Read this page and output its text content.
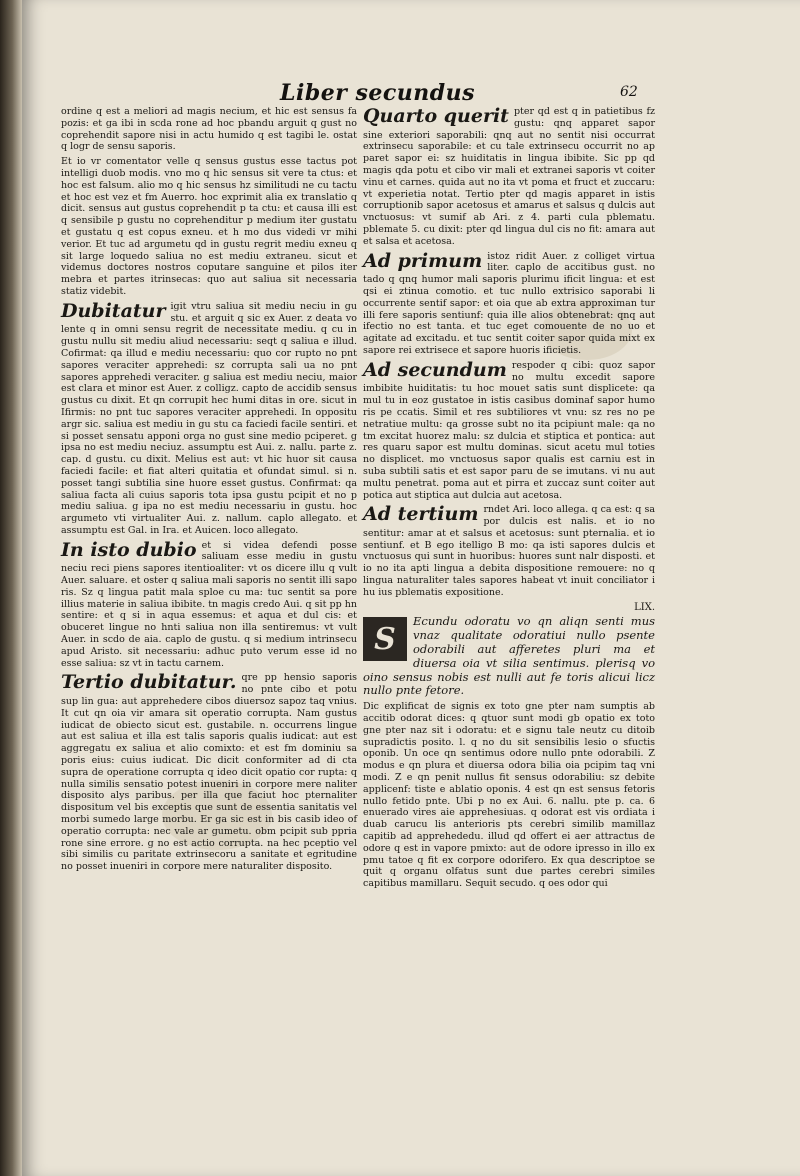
Liber secundus	62
ordine q est a meliori ad magis necium, et hic est sensus fa pozis: et ga ibi in scda rone ad hoc pbandu arguit q gust no coprehendit sapore nisi in actu humido q est tagibi le. ostat q logr de sensu saporis.
Et io vr comentator velle q sensus gustus esse tactus pot intelligi duob modis. vno mo q hic sensus sit vere ta ctus: et hoc est falsum. alio mo q hic sensus hz similitudi ne cu tactu et hoc est vez et fm Auerro. hoc exprimit alia ex translatio q dicit. sensus aut gustus coprehendit p ta ctu: et causa illi est q sensibile p gustu no coprehenditur p medium iter gustatu et gustatu q est copus exneu. et h mo dus videdi vr mihi verior. Et tuc ad argumetu qd in gustu regrit mediu exneu q sit large loquedo saliua no est mediu extraneu. sicut et videmus doctores nostros coputare sanguine et pilos iter mebra et partes itrinsecas: quo aut saliua sit necessaria statiz videbit.
Dubitatur igit vtru saliua sit mediu neciu in gu stu. et arguit q sic ex Auer. z deata vo lente q in omni sensu regrit de necessitate mediu. q cu in gustu nullu sit mediu aliud necessariu: seqt q saliua e illud. Cofirmat: qa illud e mediu necessariu: quo cor rupto no pnt sapores veraciter apprehedi: sz corrupta sali ua no pnt sapores apprehedi veraciter. g saliua est mediu neciu, maior est clara et minor est Auer. z colligz. capto de accidib sensus gustus cu dixit. Et qn corrupit hec humi ditas in ore. sicut in Ifirmis: no pnt tuc sapores veraciter apprehedi. In oppositu argr sic. saliua est mediu in gu stu ca faciedi facile sentiri. et si posset sensatu apponi orga no gust sine medio pciperet. g ipsa no est mediu neciuz. assumptu est Aui. z. nallu. parte z. cap. d gustu. cu dixit. Melius est aut: vt hic huor sit causa faciedi facile: et fiat alteri quitatia et ofundat simul. si n. posset tangi subtilia sine huore esset gustus. Confirmat: qa saliua facta ali cuius saporis tota ipsa gustu pcipit et no p mediu saliua. g ipa no est mediu necessariu in gustu. hoc argumeto vti virtualiter Aui. z. nallum. caplo allegato. et assumptu est Gal. in Ira. et Auicen. loco allegato.
In isto dubio et si videa defendi posse saliuam esse mediu in gustu neciu reci piens sapores itentioaliter: vt os dicere illu q vult Auer. saluare. et oster q saliua mali saporis no sentit illi sapo ris. Sz q lingua patit mala sploe cu ma: tuc sentit sa pore illius materie in saliua ibibite. tn magis credo Aui. q sit pp hn sentire: et q si in aqua essemus: et aqua et dul cis: et obuceret lingue no hnti saliua non illa sentiremus: vt vult Auer. in scdo de aia. caplo de gustu. q si medium intrinsecu apud Aristo. sit necessariu: adhuc puto verum esse id no esse saliua: sz vt in tactu carnem.
Tertio dubitatur. qre pp hensio saporis no pnte cibo et potu sup lin gua: aut apprehedere cibos diuersoz sapoz taq vnius. It cut qn oia vir amara sit operatio corrupta. Nam gustus iudicat de obiecto sicut est. gustabile. n. occurrens lingue aut est saliua et illa est talis saporis qualis iudicat: aut est aggregatu ex saliua et alio comixto: et est fm dominiu sa poris eius: cuius iudicat. Dic dicit conformiter ad di cta supra de operatione corrupta q ideo dicit opatio cor rupta: q nulla similis sensatio potest inueniri in corpore mere naliter disposito alys paribus. per illa que faciut hoc pternaliter dispositum vel bis exceptis que sunt de essentia sanitatis vel morbi sumedo large morbu. Er ga sic est in bis casib ideo of operatio corrupta: nec vale ar gumetu. obm pcipit sub ppria rone sine errore. g no est actio corrupta. na hec pceptio vel sibi similis cu paritate extrinsecoru a sanitate et egritudine no posset inueniri in corpore mere naturaliter disposito.
Quarto querit pter qd est q in patietibus fz gustu: qnq apparet sapor sine exteriori saporabili: qnq aut no sentit nisi occurrat extrinsecu saporabile: et cu tale extrinsecu occurrit no ap paret sapor ei: sz huiditatis in lingua ibibite. Sic pp qd magis qda potu et cibo vir mali et extranei saporis vt coiter vinu et carnes. quida aut no ita vt poma et fruct et zuccaru: vt experietia notat. Tertio pter qd magis apparet in istis corruptionib sapor acetosus et amarus et salsus q dulcis aut vnctuosus: vt sumif ab Ari. z 4. parti cula pblematu. pblemate 5. cu dixit: pter qd lingua dul cis no fit: amara aut et salsa et acetosa.
Ad primum istoz ridit Auer. z colliget virtua liter. caplo de accitibus gust. no tado q qnq humor mali saporis plurimu ificit lingua: et est qsi ei ztinua comotio. et tuc nullo extrisico saporabi li occurrente sentif sapor: et oia que ab extra approximan tur illi fere saporis sentiunf: quia ille alios obtenebrat: qnq aut ifectio no est tanta. et tuc eget comouente de no uo et agitate ad excitadu. et tuc sentit coiter sapor quida mixt ex sapore rei extrisece et sapore huoris ificietis.
Ad secundum respoder q cibi: quoz sapor no multu excedit sapore imbibite huiditatis: tu hoc mouet satis sunt displicete: qa mul tu in eoz gustatoe in istis casibus dominaf sapor humo ris pe ccatis. Simil et res subtiliores vt vnu: sz res no pe netratiue multu: qa grosse subt no ita pcipiunt male: qa no tm excitat huorez malu: sz dulcia et stiptica et pontica: aut res quaru sapor est multu dominas. sicut acetu mul toties no displicet. mo vnctuosus sapor qualis est carniu est in suba subtili satis et est sapor paru de se imutans. vi nu aut multu penetrat. poma aut et pirra et zuccaz sunt coiter aut potica aut stiptica aut dulcia aut acetosa.
Ad tertium rndet Ari. loco allega. q ca est: q sa por dulcis est nalis. et io no sentitur: amar at et salsus et acetosus: sunt pternalia. et io sentiunf. et B ego itelligo B mo: qa isti sapores dulcis et vnctuosus qui sunt in huoribus: huores sunt nalr disposti. et io no ita apti lingua a debita dispositione remouere: no q lingua naturaliter tales sapores habeat vt inuit conciliator i hu ius pblematis expositione.
LIX.
S
Ecundu odoratu vo qn aliqn senti mus vnaz qualitate odoratiui nullo psente odorabili aut afferetes pluri ma et diuersa oia vt silia sentimus. plerisq vo oino sensus nobis est nulli aut fe toris alicui licz nullo pnte fetore.
Dic explificat de signis ex toto gne pter nam sumptis ab accitib odorat dices: q qtuor sunt modi gb opatio ex toto gne pter naz sit i odoratu: et e signu tale neutz cu ditoib supradictis posito. l. q no du sit sensibilis lesio o sfuctis oponib. Un oce qn sentimus odore nullo pnte odorabili. Z modus e qn plura et diuersa odora bilia oia pcipim taq vni modi. Z e qn penit nullus fit sensus odorabiliu: sz debite applicenf: tiste e ablatio oponis. 4 est qn est sensus fetoris nullo fetido pnte. Ubi p no ex Aui. 6. nallu. pte p. ca. 6 enuerado vires aie apprehesiuas. q odorat est vis ordiata i duab carucu lis anterioris pts cerebri similib mamillaz capitib ad apprehededu. illud qd offert ei aer attractus de odore q est in vapore pmixto: aut de odore ipresso in illo ex pmu tatoe q fit ex corpore odorifero. Ex qua descriptoe se quit q organu olfatus sunt due partes cerebri similes capitibus mamillaru. Sequit secudo. q oes odor qui
